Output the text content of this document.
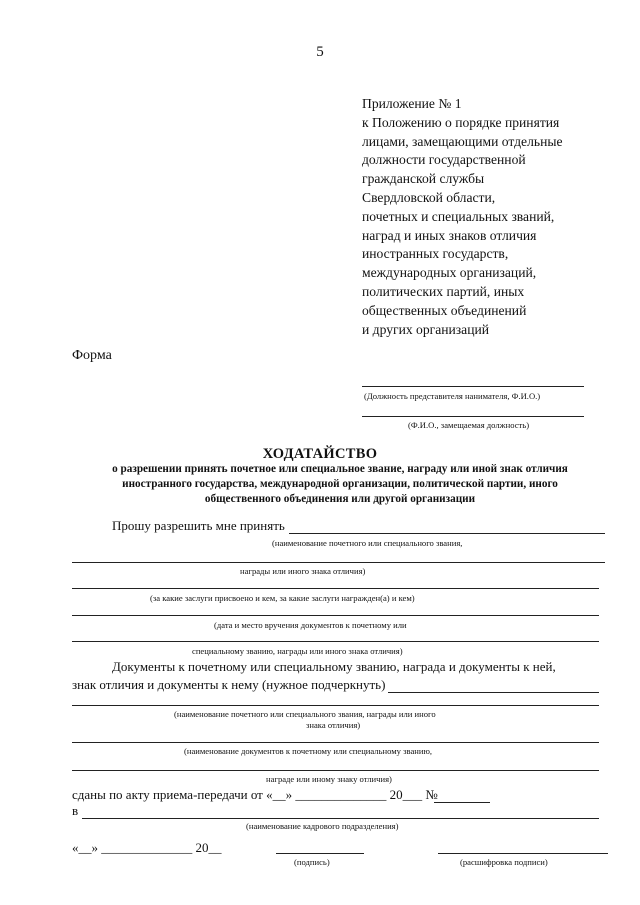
5
Приложение № 1
к Положению о порядке принятия
лицами, замещающими отдельные
должности государственной
гражданской службы
Свердловской области,
почетных и специальных званий,
наград и иных знаков отличия
иностранных государств,
международных организаций,
политических партий, иных
общественных объединений
и других организаций
Форма
(Должность представителя нанимателя, Ф.И.О.)
(Ф.И.О., замещаемая должность)
ХОДАТАЙСТВО
о разрешении принять почетное или специальное звание, награду или иной знак отличия
иностранного государства, международной организации, политической партии, иного
общественного объединения или другой организации
Прошу разрешить мне принять
(наименование почетного или специального звания,
награды или иного знака отличия)
(за какие заслуги присвоено и кем, за какие заслуги награжден(а) и кем)
(дата и место вручения документов к почетному или
специальному званию, награды или иного знака отличия)
Документы к почетному или специальному званию, награда и документы к ней,
знак отличия и документы к нему (нужное подчеркнуть)
(наименование почетного или специального звания, награды или иного
знака отличия)
(наименование документов к почетному или специальному званию,
награде или иному знаку отличия)
сданы по акту приема-передачи от «__» ______________ 20___ №
в
(наименование кадрового подразделения)
«__» ______________ 20__
(подпись)	(расшифровка подписи)
